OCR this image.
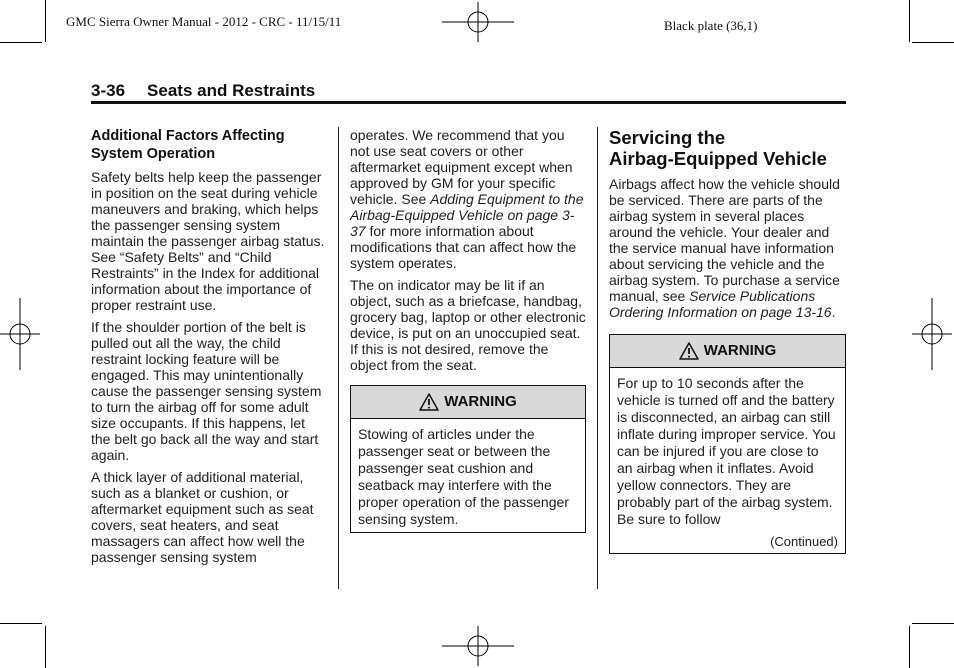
GMC Sierra Owner Manual - 2012 - CRC - 11/15/11	Black plate (36,1)
3-36 Seats and Restraints
Additional Factors Affecting
System Operation

Safety belts help keep the passenger in position on the seat during vehicle maneuvers and braking, which helps the passenger sensing system maintain the passenger airbag status. See “Safety Belts” and “Child Restraints” in the Index for additional information about the importance of proper restraint use.

If the shoulder portion of the belt is pulled out all the way, the child restraint locking feature will be engaged. This may unintentionally cause the passenger sensing system to turn the airbag off for some adult size occupants. If this happens, let the belt go back all the way and start again.

A thick layer of additional material, such as a blanket or cushion, or aftermarket equipment such as seat covers, seat heaters, and seat massagers can affect how well the passenger sensing system

operates. We recommend that you not use seat covers or other aftermarket equipment except when approved by GM for your specific vehicle. See Adding Equipment to the Airbag-Equipped Vehicle on page 3-37 for more information about modifications that can affect how the system operates.

The on indicator may be lit if an object, such as a briefcase, handbag, grocery bag, laptop or other electronic device, is put on an unoccupied seat. If this is not desired, remove the object from the seat.

WARNING
Stowing of articles under the passenger seat or between the passenger seat cushion and seatback may interfere with the proper operation of the passenger sensing system.
Servicing the
Airbag-Equipped Vehicle

Airbags affect how the vehicle should be serviced. There are parts of the airbag system in several places around the vehicle. Your dealer and the service manual have information about servicing the vehicle and the airbag system. To purchase a service manual, see Service Publications Ordering Information on page 13-16.

WARNING
For up to 10 seconds after the vehicle is turned off and the battery is disconnected, an airbag can still inflate during improper service. You can be injured if you are close to an airbag when it inflates. Avoid yellow connectors. They are probably part of the airbag system. Be sure to follow
(Continued)
